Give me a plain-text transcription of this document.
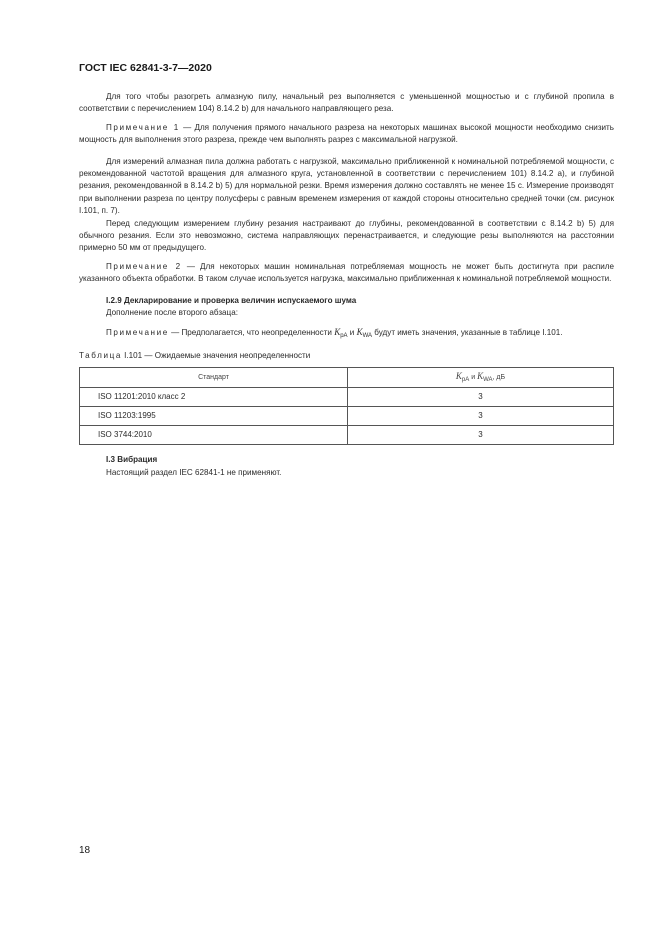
ГОСТ IEC 62841-3-7—2020

Для того чтобы разогреть алмазную пилу, начальный рез выполняется с уменьшенной мощностью и с глубиной пропила в соответствии с перечислением 104) 8.14.2 b) для начального направляющего реза.

Примечание 1 — Для получения прямого начального разреза на некоторых машинах высокой мощности необходимо снизить мощность для выполнения этого разреза, прежде чем выполнять разрез с максимальной нагрузкой.

Для измерений алмазная пила должна работать с нагрузкой, максимально приближенной к номинальной потребляемой мощности, с рекомендованной частотой вращения для алмазного круга, установленной в соответствии с перечислением 101) 8.14.2 a), и глубиной резания, рекомендованной в 8.14.2 b) 5) для нормальной резки. Время измерения должно составлять не менее 15 с. Измерение производят при выполнении разреза по центру полусферы с равным временем измерения от каждой стороны относительно средней точки (см. рисунок I.101, п. 7).

Перед следующим измерением глубину резания настраивают до глубины, рекомендованной в соответствии с 8.14.2 b) 5) для обычного резания. Если это невозможно, система направляющих перенастраивается, и следующие резы выполняются на расстоянии примерно 50 мм от предыдущего.

Примечание 2 — Для некоторых машин номинальная потребляемая мощность не может быть достигнута при распиле указанного объекта обработки. В таком случае используется нагрузка, максимально приближенная к номинальной потребляемой мощности.

I.2.9 Декларирование и проверка величин испускаемого шума

Дополнение после второго абзаца:

Примечание — Предполагается, что неопределенности $K_{pA}$ и $K_{WA}$ будут иметь значения, указанные в таблице I.101.

Таблица I.101 — Ожидаемые значения неопределенности

Стандарт	KpA и KWA, дБ
ISO 11201:2010 класс 2	3
ISO 11203:1995	3
ISO 3744:2010	3

I.3 Вибрация

Настоящий раздел IEC 62841-1 не применяют.

18
